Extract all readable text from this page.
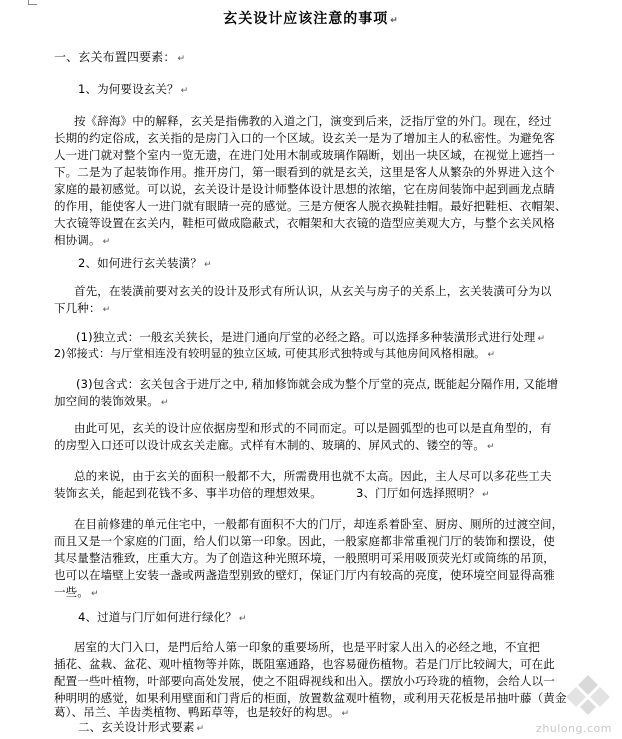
玄关设计应该注意的事项 ↵
一、玄关布置四要素： ↵
1、为何要设玄关？ ↵
按《辞海》中的解释，玄关是指佛教的入道之门，演变到后来，泛指厅堂的外门。现在，经过
长期的约定俗成，玄关指的是房门入口的一个区域。设玄关一是为了增加主人的私密性。为避免客
人一进门就对整个室内一览无遗，在进门处用木制或玻璃作隔断，划出一块区域，在视觉上遮挡一
下。二是为了起装饰作用。推开房门，第一眼看到的就是玄关，这里是客人从繁杂的外界进入这个
家庭的最初感觉。可以说，玄关设计是设计师整体设计思想的浓缩，它在房间装饰中起到画龙点睛
的作用，能使客人一进门就有眼睛一亮的感觉。三是方便客人脱衣换鞋挂帽。最好把鞋柜、衣帽架、
大衣镜等设置在玄关内，鞋柜可做成隐蔽式，衣帽架和大衣镜的造型应美观大方，与整个玄关风格
相协调。 ↵
2、如何进行玄关装潢？ ↵
首先，在装潢前要对玄关的设计及形式有所认识，从玄关与房子的关系上，玄关装潢可分为以
下几种： ↵
(1)独立式：一般玄关狭长，是进门通向厅堂的必经之路。可以选择多种装潢形式进行处理 ↵
2)邻接式：与厅堂相连没有较明显的独立区域, 可使其形式独特或与其他房间风格相融。 ↵
(3)包含式：玄关包含于进厅之中, 稍加修饰就会成为整个厅堂的亮点, 既能起分隔作用, 又能增
加空间的装饰效果。 ↵
由此可见，玄关的设计应依据房型和形式的不同而定。可以是圆弧型的也可以是直角型的，有
的房型入口还可以设计成玄关走廊。式样有木制的、玻璃的、屏风式的、镂空的等。 ↵
总的来说，由于玄关的面积一般都不大，所需费用也就不太高。因此，主人尽可以多花些工夫
装饰玄关，能起到花钱不多、事半功倍的理想效果。	3、门厅如何选择照明？ ↵
在目前修建的单元住宅中，一般都有面积不大的门厅，却连系着卧室、厨房、厕所的过渡空间，
而且又是一个家庭的门面，给人们以第一印象。因此，一般家庭都非常重视门厅的装饰和摆设，使
其尽量整洁雅致，庄重大方。为了创造这种光照环境，一般照明可采用吸顶荧光灯或筒练的吊顶，
也可以在墙壁上安装一盏或两盏造型别致的壁灯，保证门厅内有较高的亮度，使环境空间显得高雅
一些。 ↵
4、过道与门厅如何进行绿化？ ↵
居室的大门入口，是門后给人第一印象的重要场所，也是平时家人出入的必经之地，不宜把
插花、盆栽、盆花、观叶植物等并陈，既阻塞通路，也容易碰伤植物。若是门厅比较阔大，可在此
配置一些叶植物，叶部要向高处发展，使之不阻碍视线和出入。摆放小巧玲珑的植物，会给人以一
种明明的感觉，如果利用壁面和门背后的柜面，放置数盆观叶植物，或利用天花板是吊抽叶藤（黄金
葛）、吊兰、羊齿类植物、鸭跖草等，也是较好的构思。 ↵
二、玄关设计形式要素 ↵	zhulong.com
